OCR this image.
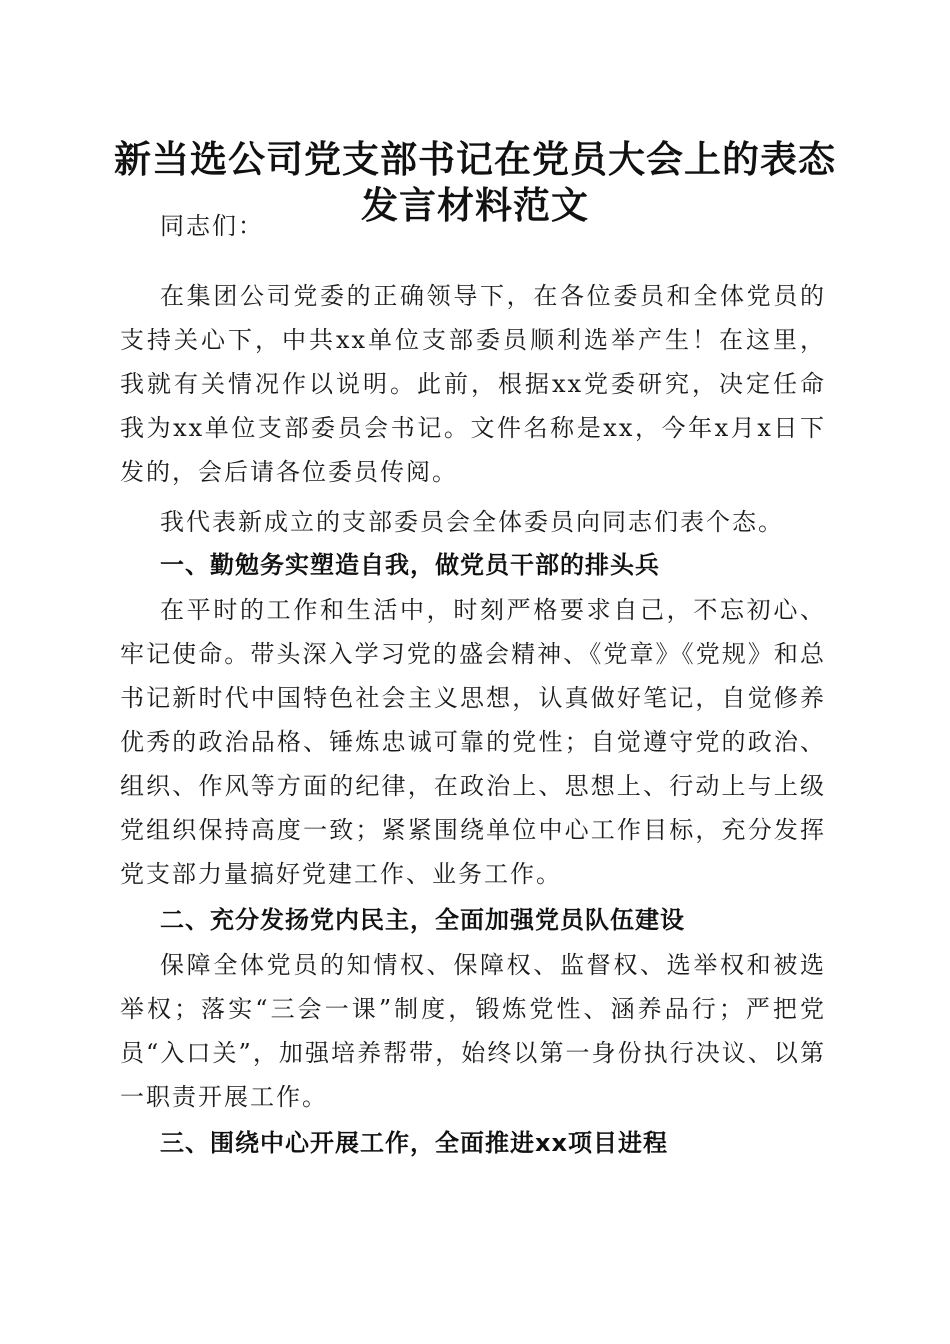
新当选公司党支部书记在党员大会上的表态发言材料范文

同志们：

在集团公司党委的正确领导下，在各位委员和全体党员的支持关心下，中共xx单位支部委员顺利选举产生！在这里，我就有关情况作以说明。此前，根据xx党委研究，决定任命我为xx单位支部委员会书记。文件名称是xx，今年x月x日下发的，会后请各位委员传阅。

我代表新成立的支部委员会全体委员向同志们表个态。

一、勤勉务实塑造自我，做党员干部的排头兵

在平时的工作和生活中，时刻严格要求自己，不忘初心、牢记使命。带头深入学习党的盛会精神、《党章》《党规》和总书记新时代中国特色社会主义思想，认真做好笔记，自觉修养优秀的政治品格、锤炼忠诚可靠的党性；自觉遵守党的政治、组织、作风等方面的纪律，在政治上、思想上、行动上与上级党组织保持高度一致；紧紧围绕单位中心工作目标，充分发挥党支部力量搞好党建工作、业务工作。

二、充分发扬党内民主，全面加强党员队伍建设

保障全体党员的知情权、保障权、监督权、选举权和被选举权；落实“三会一课”制度，锻炼党性、涵养品行；严把党员“入口关”，加强培养帮带，始终以第一身份执行决议、以第一职责开展工作。

三、围绕中心开展工作，全面推进xx项目进程
